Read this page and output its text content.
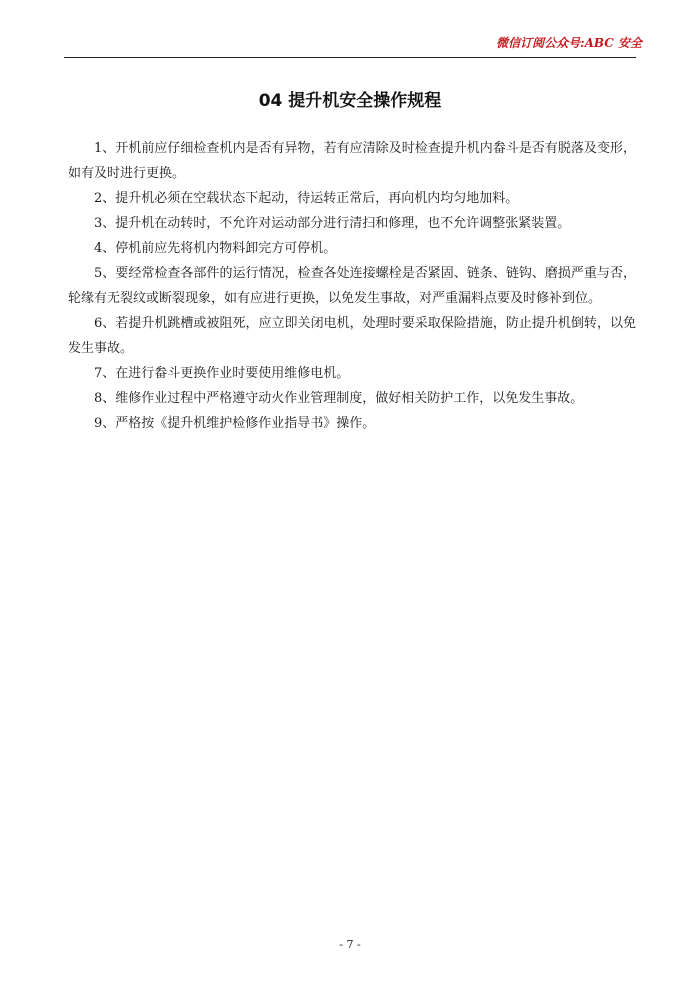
微信订阅公众号:ABC 安全
04 提升机安全操作规程

1、开机前应仔细检查机内是否有异物，若有应清除及时检查提升机内畚斗是否有脱落及变形，如有及时进行更换。

2、提升机必须在空载状态下起动，待运转正常后，再向机内均匀地加料。

3、提升机在动转时，不允许对运动部分进行清扫和修理，也不允许调整张紧装置。

4、停机前应先将机内物料卸完方可停机。

5、要经常检查各部件的运行情况，检查各处连接螺栓是否紧固、链条、链钩、磨损严重与否，轮缘有无裂纹或断裂现象，如有应进行更换，以免发生事故，对严重漏料点要及时修补到位。

6、若提升机跳槽或被阻死，应立即关闭电机，处理时要采取保险措施，防止提升机倒转，以免发生事故。

7、在进行畚斗更换作业时要使用维修电机。

8、维修作业过程中严格遵守动火作业管理制度，做好相关防护工作，以免发生事故。

9、严格按《提升机维护检修作业指导书》操作。

- 7 -
